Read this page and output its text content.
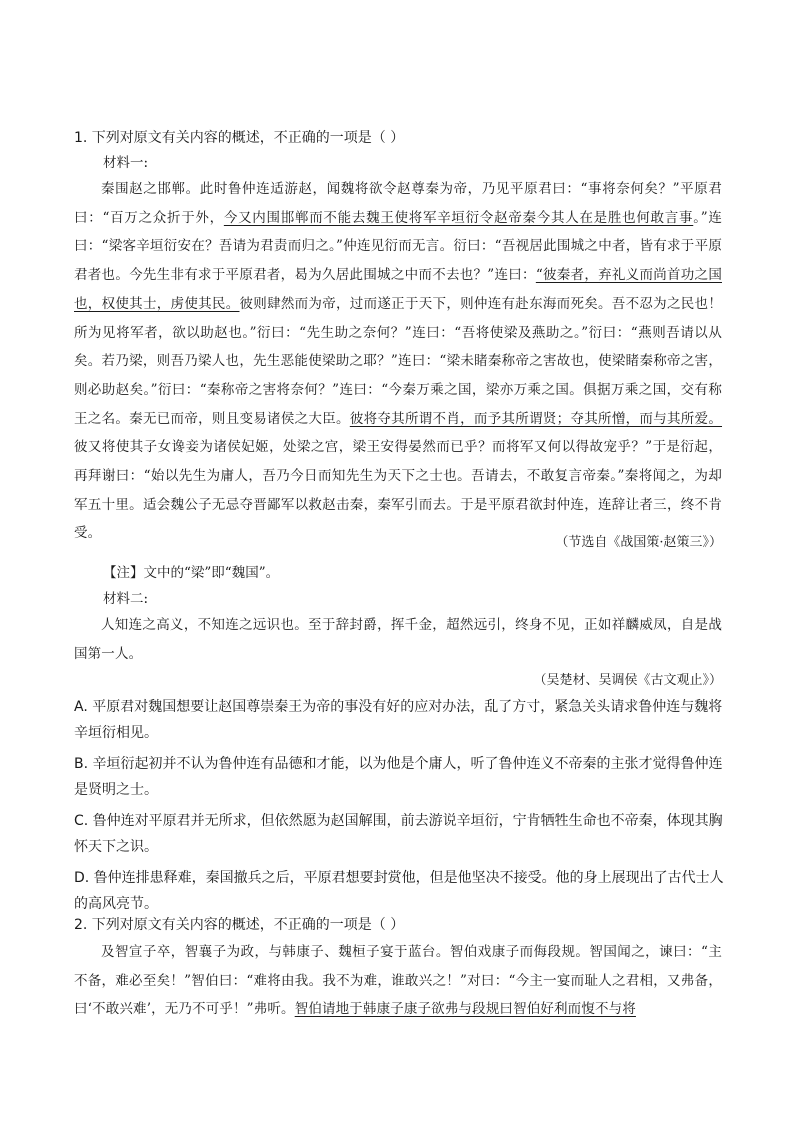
1. 下列对原文有关内容的概述，不正确的一项是（ ）
材料一:

秦围赵之邯郸。此时鲁仲连适游赵，闻魏将欲令赵尊秦为帝，乃见平原君曰：“事将奈何矣？”平原君曰：“百万之众折于外，今又内围邯郸而不能去魏王使将军辛垣衍令赵帝秦今其人在是胜也何敢言事。”连曰：“梁客辛垣衍安在？吾请为君责而归之。”仲连见衍而无言。衍曰：“吾视居此围城之中者，皆有求于平原君者也。今先生非有求于平原君者，曷为久居此围城之中而不去也？”连曰：“彼秦者，弃礼义而尚首功之国也，权使其士，虏使其民。彼则肆然而为帝，过而遂正于天下，则仲连有赴东海而死矣。吾不忍为之民也！所为见将军者，欲以助赵也。”衍曰：“先生助之奈何？”连曰：“吾将使梁及燕助之。”衍曰：“燕则吾请以从矣。若乃梁，则吾乃梁人也，先生恶能使梁助之耶？”连曰：“梁未睹秦称帝之害故也，使梁睹秦称帝之害，则必助赵矣。”衍曰：“秦称帝之害将奈何？”连曰：“今秦万乘之国，梁亦万乘之国。俱据万乘之国，交有称王之名。秦无已而帝，则且变易诸侯之大臣。彼将夺其所谓不肖，而予其所谓贤；夺其所憎，而与其所爱。彼又将使其子女谗妾为诸侯妃姬，处梁之宫，梁王安得晏然而已乎？而将军又何以得故宠乎？”于是衍起，再拜谢曰：“始以先生为庸人，吾乃今日而知先生为天下之士也。吾请去，不敢复言帝秦。”秦将闻之，为却军五十里。适会魏公子无忌夺晋鄙军以救赵击秦，秦军引而去。于是平原君欲封仲连，连辞让者三，终不肯受。

（节选自《战国策·赵策三》）
【注】文中的“梁”即“魏国”。
材料二:

人知连之高义，不知连之远识也。至于辞封爵，挥千金，超然远引，终身不见，正如祥麟威凤，自是战国第一人。

（吴楚材、吴调侯《古文观止》）
A. 平原君对魏国想要让赵国尊崇秦王为帝的事没有好的应对办法，乱了方寸，紧急关头请求鲁仲连与魏将辛垣衍相见。
B. 辛垣衍起初并不认为鲁仲连有品德和才能，以为他是个庸人，听了鲁仲连义不帝秦的主张才觉得鲁仲连是贤明之士。
C. 鲁仲连对平原君并无所求，但依然愿为赵国解围，前去游说辛垣衍，宁肯牺牲生命也不帝秦，体现其胸怀天下之识。
D. 鲁仲连排患释难，秦国撤兵之后，平原君想要封赏他，但是他坚决不接受。他的身上展现出了古代士人的高风亮节。
2. 下列对原文有关内容的概述，不正确的一项是（ ）

及智宣子卒，智襄子为政，与韩康子、魏桓子宴于蓝台。智伯戏康子而侮段规。智国闻之，谏曰：“主不备，难必至矣！”智伯曰：“难将由我。我不为难，谁敢兴之！”对曰：“今主一宴而耻人之君相，又弗备，曰‘不敢兴难’，无乃不可乎！”弗听。智伯请地于韩康子康子欲弗与段规曰智伯好利而愎不与将
